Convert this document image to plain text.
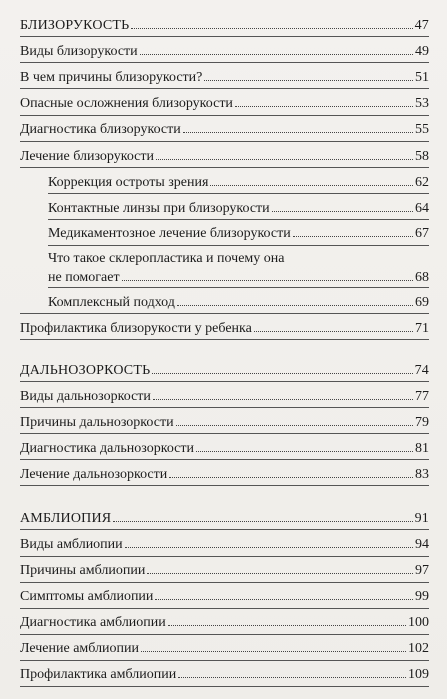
БЛИЗОРУКОСТЬ	47
Виды близорукости	49
В чем причины близорукости?	51
Опасные осложнения близорукости	53
Диагностика близорукости	55
Лечение близорукости	58
Коррекция остроты зрения	62
Контактные линзы при близорукости	64
Медикаментозное лечение близорукости	67
Что такое склеропластика и почему она
не помогает	68
Комплексный подход	69
Профилактика близорукости у ребенка	71
ДАЛЬНОЗОРКОСТЬ	74
Виды дальнозоркости	77
Причины дальнозоркости	79
Диагностика дальнозоркости	81
Лечение дальнозоркости	83
АМБЛИОПИЯ	91
Виды амблиопии	94
Причины амблиопии	97
Симптомы амблиопии	99
Диагностика амблиопии	100
Лечение амблиопии	102
Профилактика амблиопии	109
